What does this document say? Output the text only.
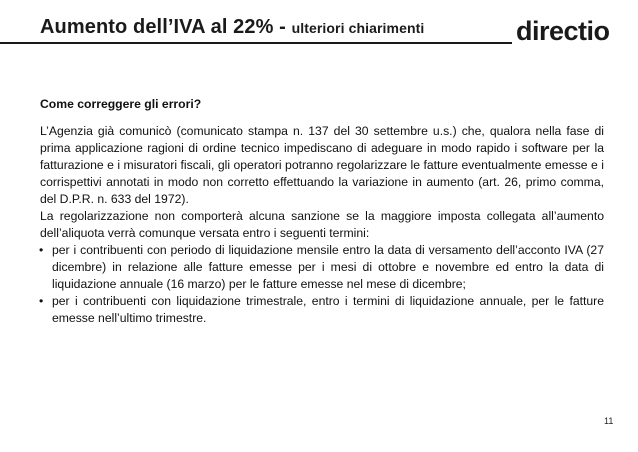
Aumento dell’IVA al 22% - ulteriori chiarimenti	directio

Come correggere gli errori?

L’Agenzia già comunicò (comunicato stampa n. 137 del 30 settembre u.s.) che, qualora nella fase di prima applicazione ragioni di ordine tecnico impediscano di adeguare in modo rapido i software per la fatturazione e i misuratori fiscali, gli operatori potranno regolarizzare le fatture eventualmente emesse e i corrispettivi annotati in modo non corretto effettuando la variazione in aumento (art. 26, primo comma, del D.P.R. n. 633 del 1972).

La regolarizzazione non comporterà alcuna sanzione se la maggiore imposta collegata all’aumento dell’aliquota verrà comunque versata entro i seguenti termini:

• per i contribuenti con periodo di liquidazione mensile entro la data di versamento dell’acconto IVA (27 dicembre) in relazione alle fatture emesse per i mesi di ottobre e novembre ed entro la data di liquidazione annuale (16 marzo) per le fatture emesse nel mese di dicembre;
• per i contribuenti con liquidazione trimestrale, entro i termini di liquidazione annuale, per le fatture emesse nell’ultimo trimestre.
11
